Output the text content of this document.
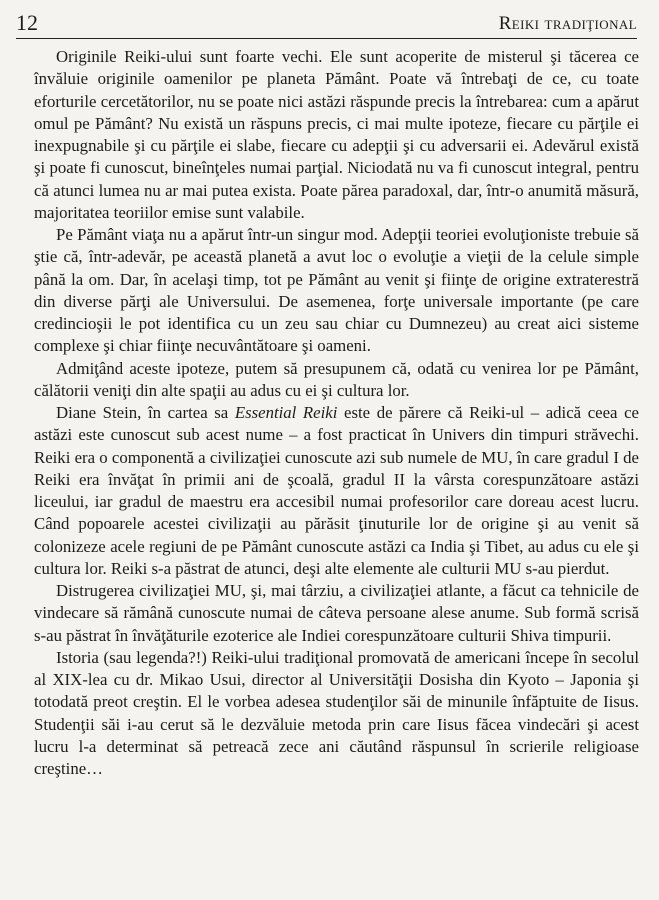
12	Reiki tradiţional

Originile Reiki-ului sunt foarte vechi. Ele sunt acoperite de misterul şi tăcerea ce învăluie originile oamenilor pe planeta Pământ. Poate vă întrebaţi de ce, cu toate eforturile cercetătorilor, nu se poate nici astăzi răspunde precis la întrebarea: cum a apărut omul pe Pământ? Nu există un răspuns precis, ci mai multe ipoteze, fiecare cu părţile ei inexpugnabile şi cu părţile ei slabe, fiecare cu adepţii şi cu adversarii ei. Adevărul există şi poate fi cunoscut, bineînţeles numai parţial. Niciodată nu va fi cunoscut integral, pentru că atunci lumea nu ar mai putea exista. Poate părea paradoxal, dar, într-o anumită măsură, majoritatea teoriilor emise sunt valabile.

Pe Pământ viaţa nu a apărut într-un singur mod. Adepţii teoriei evoluţioniste trebuie să ştie că, într-adevăr, pe această planetă a avut loc o evoluţie a vieţii de la celule simple până la om. Dar, în acelaşi timp, tot pe Pământ au venit şi fiinţe de origine extraterestră din diverse părţi ale Universului. De asemenea, forţe universale importante (pe care credincioşii le pot identifica cu un zeu sau chiar cu Dumnezeu) au creat aici sisteme complexe şi chiar fiinţe necuvântătoare şi oameni.

Admiţând aceste ipoteze, putem să presupunem că, odată cu venirea lor pe Pământ, călătorii veniţi din alte spaţii au adus cu ei şi cultura lor.

Diane Stein, în cartea sa Essential Reiki este de părere că Reiki-ul – adică ceea ce astăzi este cunoscut sub acest nume – a fost practicat în Univers din timpuri străvechi. Reiki era o componentă a civilizaţiei cunoscute azi sub numele de MU, în care gradul I de Reiki era învăţat în primii ani de şcoală, gradul II la vârsta corespunzătoare astăzi liceului, iar gradul de maestru era accesibil numai profesorilor care doreau acest lucru. Când popoarele acestei civilizaţii au părăsit ţinuturile lor de origine şi au venit să colonizeze acele regiuni de pe Pământ cunoscute astăzi ca India şi Tibet, au adus cu ele şi cultura lor. Reiki s-a păstrat de atunci, deşi alte elemente ale culturii MU s-au pierdut.

Distrugerea civilizaţiei MU, şi, mai târziu, a civilizaţiei atlante, a făcut ca tehnicile de vindecare să rămână cunoscute numai de câteva persoane alese anume. Sub formă scrisă s-au păstrat în învăţăturile ezoterice ale Indiei corespunzătoare culturii Shiva timpurii.

Istoria (sau legenda?!) Reiki-ului tradiţional promovată de americani începe în secolul al XIX-lea cu dr. Mikao Usui, director al Universităţii Dosisha din Kyoto – Japonia şi totodată preot creştin. El le vorbea adesea studenţilor săi de minunile înfăptuite de Iisus. Studenţii săi i-au cerut să le dezvăluie metoda prin care Iisus făcea vindecări şi acest lucru l-a determinat să petreacă zece ani căutând răspunsul în scrierile religioase creştine…
